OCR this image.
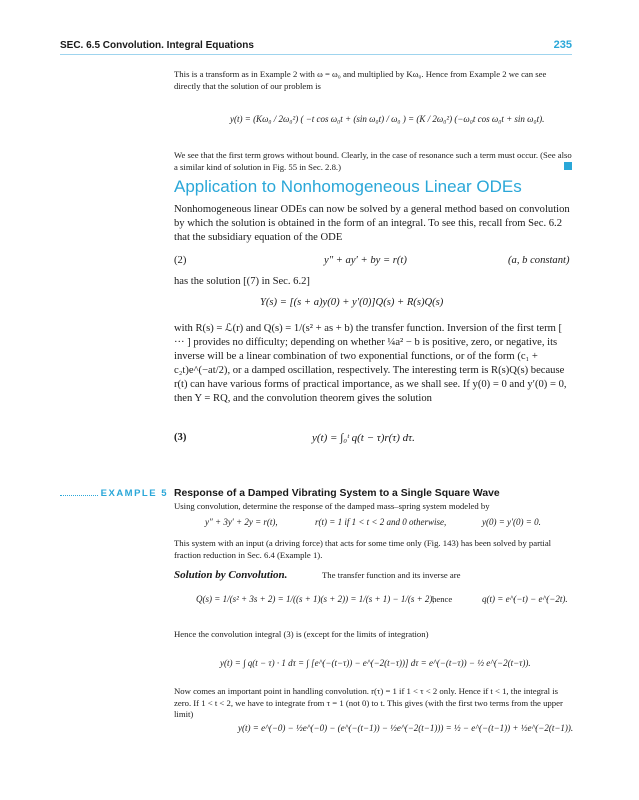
SEC. 6.5 Convolution. Integral Equations	235
This is a transform as in Example 2 with ω = ω₀ and multiplied by Kω₀. Hence from Example 2 we can see directly that the solution of our problem is
y(t) = (Kω₀ / 2ω₀²) ( −t cos ω₀t + (sin ω₀t) / ω₀ ) = (K / 2ω₀²) (−ω₀t cos ω₀t + sin ω₀t).
We see that the first term grows without bound. Clearly, in the case of resonance such a term must occur. (See also a similar kind of solution in Fig. 55 in Sec. 2.8.)
Application to Nonhomogeneous Linear ODEs
Nonhomogeneous linear ODEs can now be solved by a general method based on convolution by which the solution is obtained in the form of an integral. To see this, recall from Sec. 6.2 that the subsidiary equation of the ODE
(2)	y″ + ay′ + by = r(t)	(a, b constant)
has the solution [(7) in Sec. 6.2]
Y(s) = [(s + a)y(0) + y′(0)]Q(s) + R(s)Q(s)
with R(s) = ℒ(r) and Q(s) = 1/(s² + as + b) the transfer function. Inversion of the first term [ ··· ] provides no difficulty; depending on whether ¼a² − b is positive, zero, or negative, its inverse will be a linear combination of two exponential functions, or of the form (c₁ + c₂t)e^(−at/2), or a damped oscillation, respectively. The interesting term is R(s)Q(s) because r(t) can have various forms of practical importance, as we shall see. If y(0) = 0 and y′(0) = 0, then Y = RQ, and the convolution theorem gives the solution
(3)	y(t) = ∫₀ᵗ q(t − τ)r(τ) dτ.
EXAMPLE 5 Response of a Damped Vibrating System to a Single Square Wave
Using convolution, determine the response of the damped mass–spring system modeled by
y″ + 3y′ + 2y = r(t),	r(t) = 1 if 1 < t < 2 and 0 otherwise,	y(0) = y′(0) = 0.
This system with an input (a driving force) that acts for some time only (Fig. 143) has been solved by partial fraction reduction in Sec. 6.4 (Example 1).
Solution by Convolution.	The transfer function and its inverse are
Q(s) = 1/(s² + 3s + 2) = 1/((s + 1)(s + 2)) = 1/(s + 1) − 1/(s + 2),
hence	q(t) = e^(−t) − e^(−2t).
Hence the convolution integral (3) is (except for the limits of integration)
y(t) = ∫ q(t − τ) · 1 dτ = ∫ [e^(−(t−τ)) − e^(−2(t−τ))] dτ = e^(−(t−τ)) − ½ e^(−2(t−τ)).
Now comes an important point in handling convolution. r(τ) = 1 if 1 < τ < 2 only. Hence if t < 1, the integral is zero. If 1 < t < 2, we have to integrate from τ = 1 (not 0) to t. This gives (with the first two terms from the upper limit)
y(t) = e^(−0) − ½e^(−0) − (e^(−(t−1)) − ½e^(−2(t−1))) = ½ − e^(−(t−1)) + ½e^(−2(t−1)).
